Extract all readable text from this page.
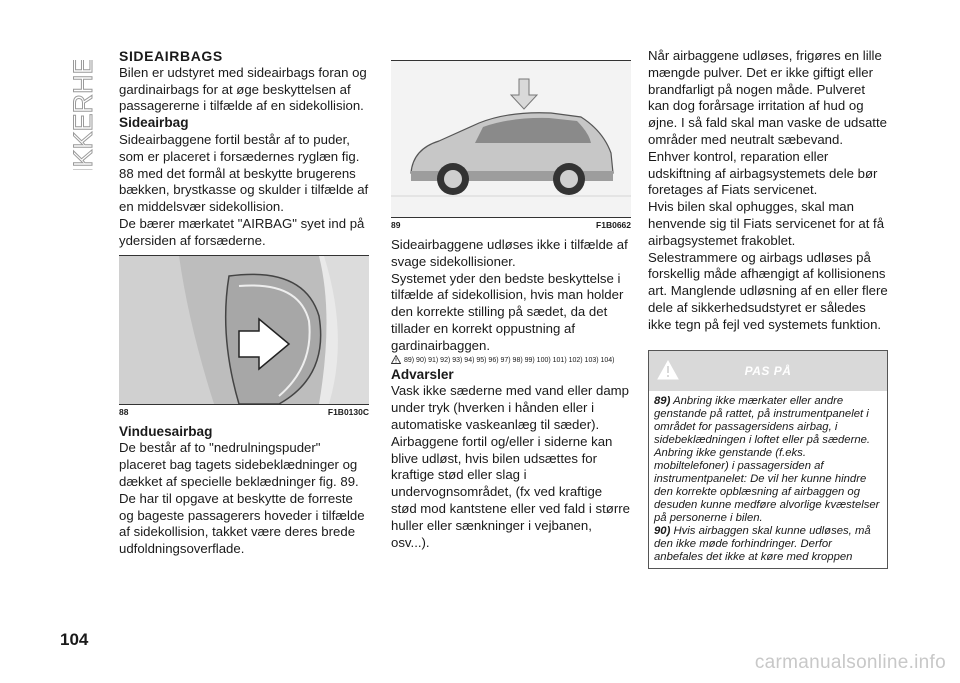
SIKKERHED SIDEAIRBAGS

Bilen er udstyret med sideairbags foran og gardinairbags for at øge beskyttelsen af passagererne i tilfælde af en sidekollision.

Sideairbag

Sideairbaggene fortil består af to puder, som er placeret i forsædernes ryglæn fig. 88 med det formål at beskytte brugerens bækken, brystkasse og skulder i tilfælde af en middelsvær sidekollision.

De bærer mærkatet "AIRBAG" syet ind på ydersiden af forsæderne.

88	F1B0130C

Vinduesairbag

De består af to "nedrulningspuder" placeret bag tagets sidebeklædninger og dækket af specielle beklædninger fig. 89.

De har til opgave at beskytte de forreste og bageste passagerers hoveder i tilfælde af sidekollision, takket være deres brede udfoldningsoverflade.

89	F1B0662

Sideairbaggene udløses ikke i tilfælde af svage sidekollisioner.

Systemet yder den bedste beskyttelse i tilfælde af sidekollision, hvis man holder den korrekte stilling på sædet, da det tillader en korrekt oppustning af gardinairbaggen.

89) 90) 91) 92) 93) 94) 95) 96) 97) 98) 99) 100) 101) 102) 103) 104)

Advarsler

Vask ikke sæderne med vand eller damp under tryk (hverken i hånden eller i automatiske vaskeanlæg til sæder).

Airbaggene fortil og/eller i siderne kan blive udløst, hvis bilen udsættes for kraftige stød eller slag i undervognsområdet, (fx ved kraftige stød mod kantstene eller ved fald i større huller eller sænkninger i vejbanen, osv...).

Når airbaggene udløses, frigøres en lille mængde pulver. Det er ikke giftigt eller brandfarligt på nogen måde. Pulveret kan dog forårsage irritation af hud og øjne. I så fald skal man vaske de udsatte områder med neutralt sæbevand.

Enhver kontrol, reparation eller udskiftning af airbagsystemets dele bør foretages af Fiats servicenet.

Hvis bilen skal ophugges, skal man henvende sig til Fiats servicenet for at få airbagsystemet frakoblet.

Selestrammere og airbags udløses på forskellig måde afhængigt af kollisionens art. Manglende udløsning af en eller flere dele af sikkerhedsudstyret er således ikke tegn på fejl ved systemets funktion.

PAS PÅ

89) Anbring ikke mærkater eller andre genstande på rattet, på instrumentpanelet i området for passagersidens airbag, i sidebeklædningen i loftet eller på sæderne. Anbring ikke genstande (f.eks. mobiltelefoner) i passagersiden af instrumentpanelet: De vil her kunne hindre den korrekte opblæsning af airbaggen og desuden kunne medføre alvorlige kvæstelser på personerne i bilen.

90) Hvis airbaggen skal kunne udløses, må den ikke møde forhindringer. Derfor anbefales det ikke at køre med kroppen

104
carmanualsonline.info
